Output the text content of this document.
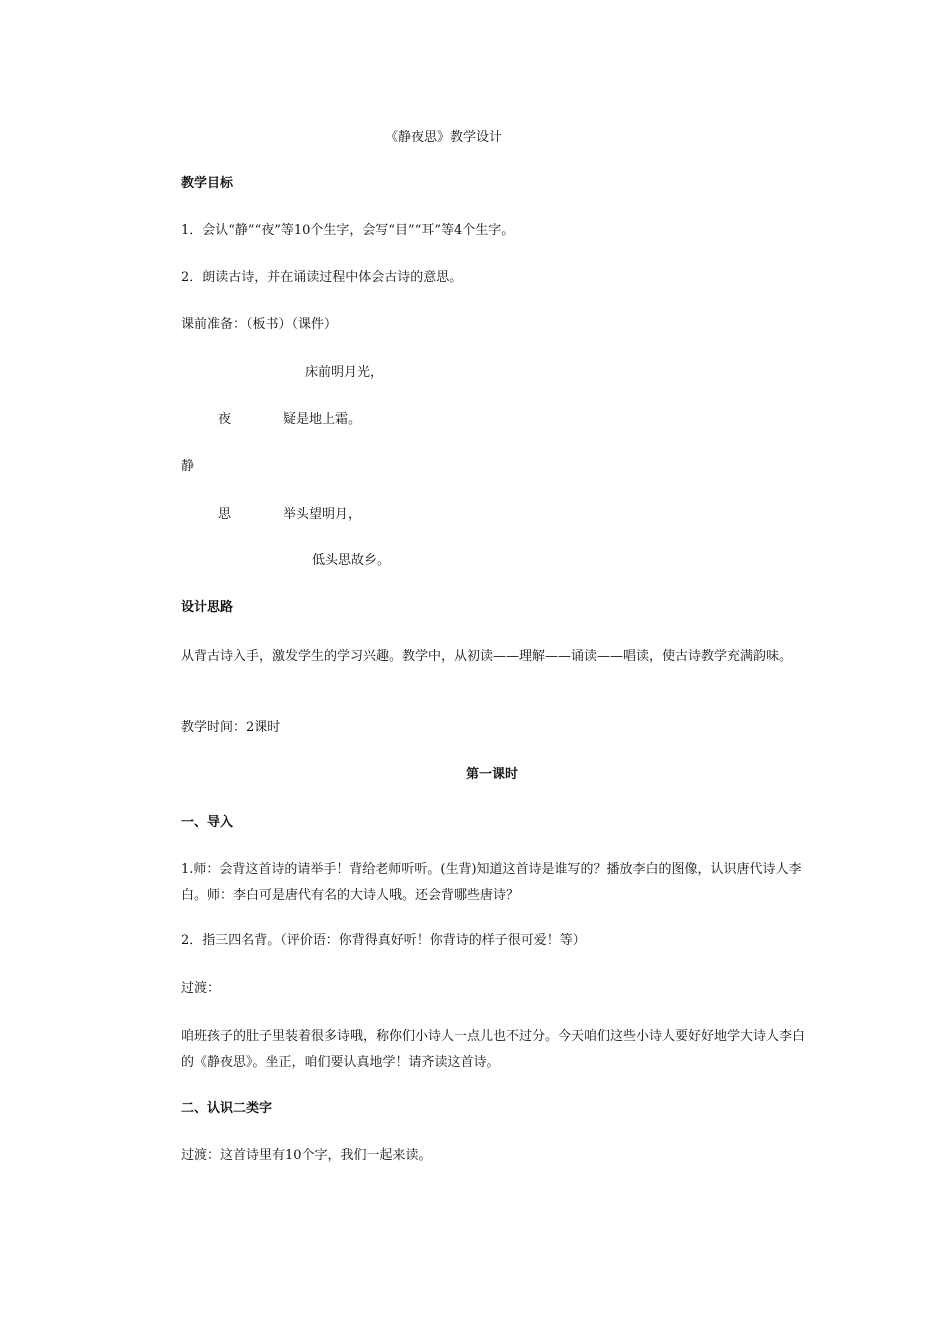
《静夜思》教学设计
教学目标
1．会认“静”“夜”等10个生字，会写“目”“耳”等4个生字。
2．朗读古诗，并在诵读过程中体会古诗的意思。
课前准备：（板书）（课件）
床前明月光，
夜	疑是地上霜。
静
思	举头望明月，
低头思故乡。
设计思路
从背古诗入手，激发学生的学习兴趣。教学中，从初读——理解——诵读——唱读，使古诗教学充满韵味。
教学时间：2课时
第一课时
一、导入
1.师：会背这首诗的请举手！背给老师听听。(生背)知道这首诗是谁写的？播放李白的图像，认识唐代诗人李白。师：李白可是唐代有名的大诗人哦。还会背哪些唐诗？
2．指三四名背。（评价语：你背得真好听！你背诗的样子很可爱！等）
过渡：
咱班孩子的肚子里装着很多诗哦，称你们小诗人一点儿也不过分。今天咱们这些小诗人要好好地学大诗人李白的《静夜思》。坐正，咱们要认真地学！请齐读这首诗。
二、认识二类字
过渡：这首诗里有10个字，我们一起来读。
